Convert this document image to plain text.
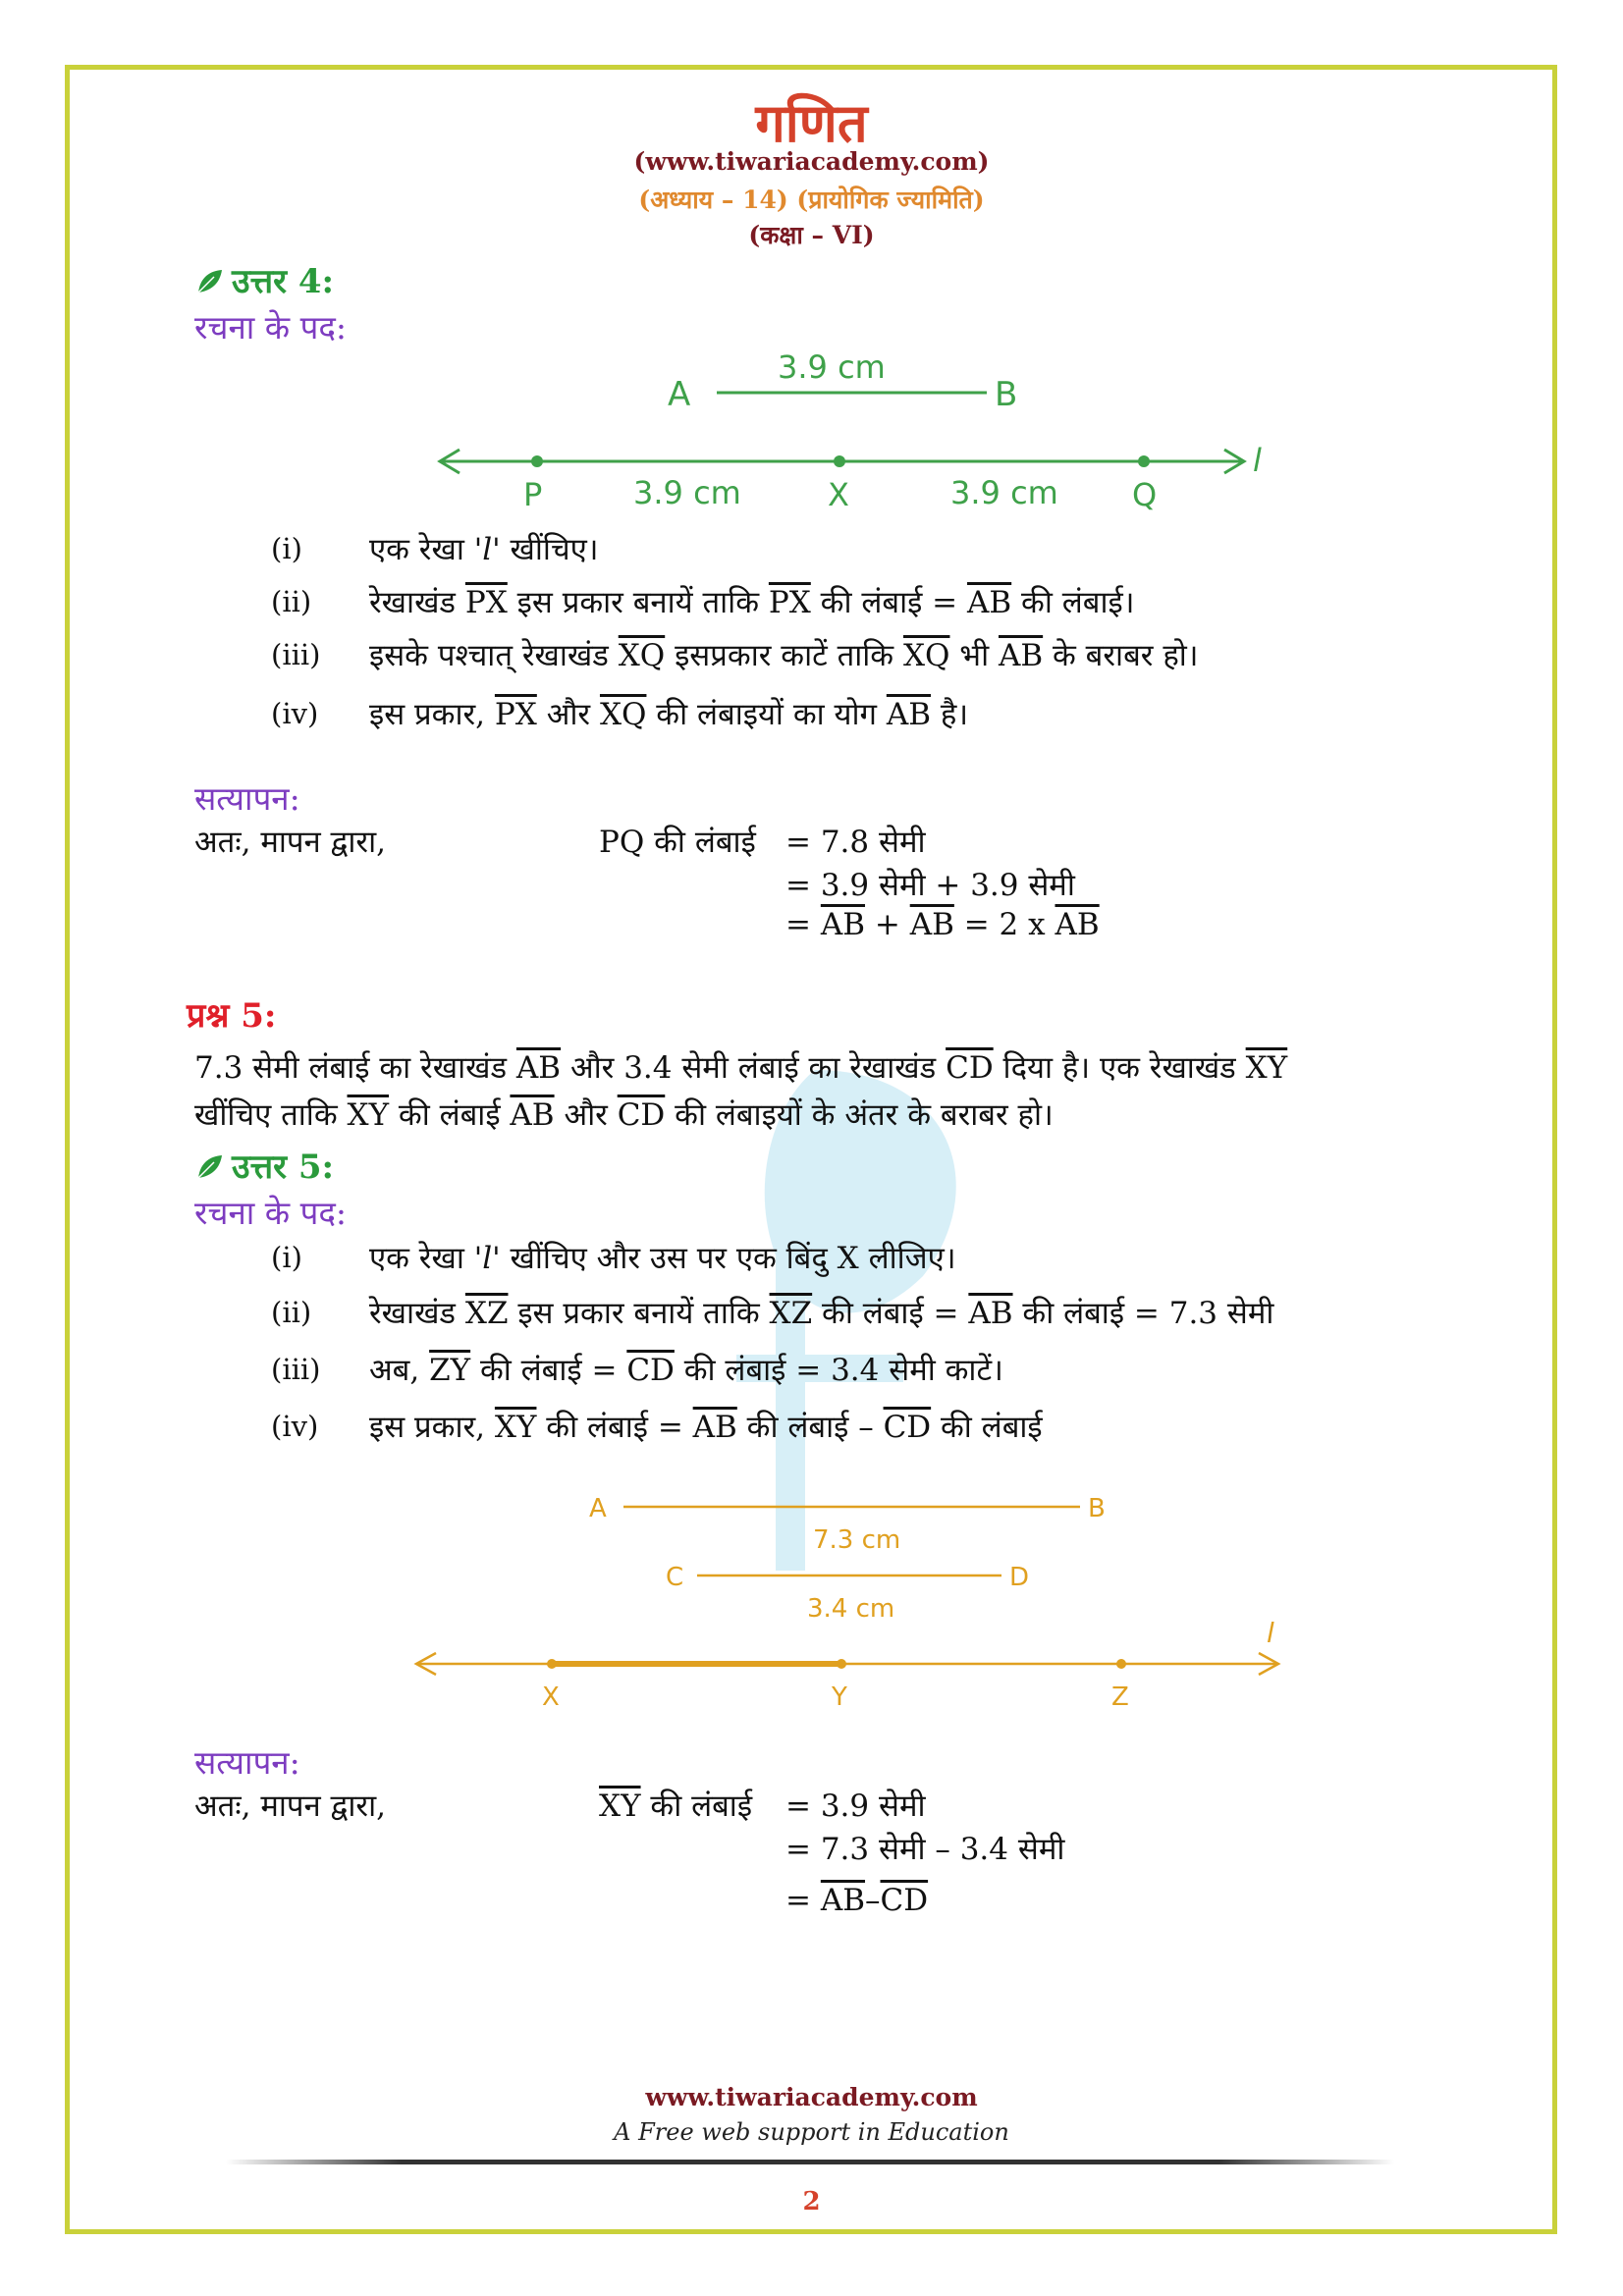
गणित
(www.tiwariacademy.com)
(अध्याय – 14) (प्रायोगिक ज्यामिति)
(कक्षा – VI)
उत्तर 4:
रचना के पद:
A	B
3.9 cm
P	X	Q
3.9 cm	3.9 cm
l
(i) एक रेखा 'l' खींचिए।
(ii) रेखाखंड $\overline{PX}$ इस प्रकार बनायें ताकि $\overline{PX}$ की लंबाई = $\overline{AB}$ की लंबाई।
(iii) इसके पश्चात् रेखाखंड $\overline{XQ}$ इसप्रकार काटें ताकि $\overline{XQ}$ भी $\overline{AB}$ के बराबर हो।
(iv) इस प्रकार, $\overline{PX}$ और $\overline{XQ}$ की लंबाइयों का योग $\overline{AB}$ है।
सत्यापन:
अतः, मापन द्वारा,	PQ की लंबाई = 7.8 सेमी
= 3.9 सेमी + 3.9 सेमी
= $\overline{AB} + \overline{AB} = 2$ x $\overline{AB}$
प्रश्न 5:
7.3 सेमी लंबाई का रेखाखंड $\overline{AB}$ और 3.4 सेमी लंबाई का रेखाखंड $\overline{CD}$ दिया है। एक रेखाखंड $\overline{XY}$
खींचिए ताकि $\overline{XY}$ की लंबाई $\overline{AB}$ और $\overline{CD}$ की लंबाइयों के अंतर के बराबर हो।
उत्तर 5:
रचना के पद:
(i) एक रेखा 'l' खींचिए और उस पर एक बिंदु X लीजिए।
(ii) रेखाखंड $\overline{XZ}$ इस प्रकार बनायें ताकि $\overline{XZ}$ की लंबाई = $\overline{AB}$ की लंबाई = 7.3 सेमी
(iii) अब, $\overline{ZY}$ की लंबाई = $\overline{CD}$ की लंबाई = 3.4 सेमी काटें।
(iv) इस प्रकार, $\overline{XY}$ की लंबाई = $\overline{AB}$ की लंबाई – $\overline{CD}$ की लंबाई
A	B
7.3 cm
C	D
3.4 cm
X	Y	Z
l
सत्यापन:
अतः, मापन द्वारा,	$\overline{XY}$ की लंबाई = 3.9 सेमी
= 7.3 सेमी – 3.4 सेमी
= $\overline{AB}-\overline{CD}$
www.tiwariacademy.com
A Free web support in Education
2
